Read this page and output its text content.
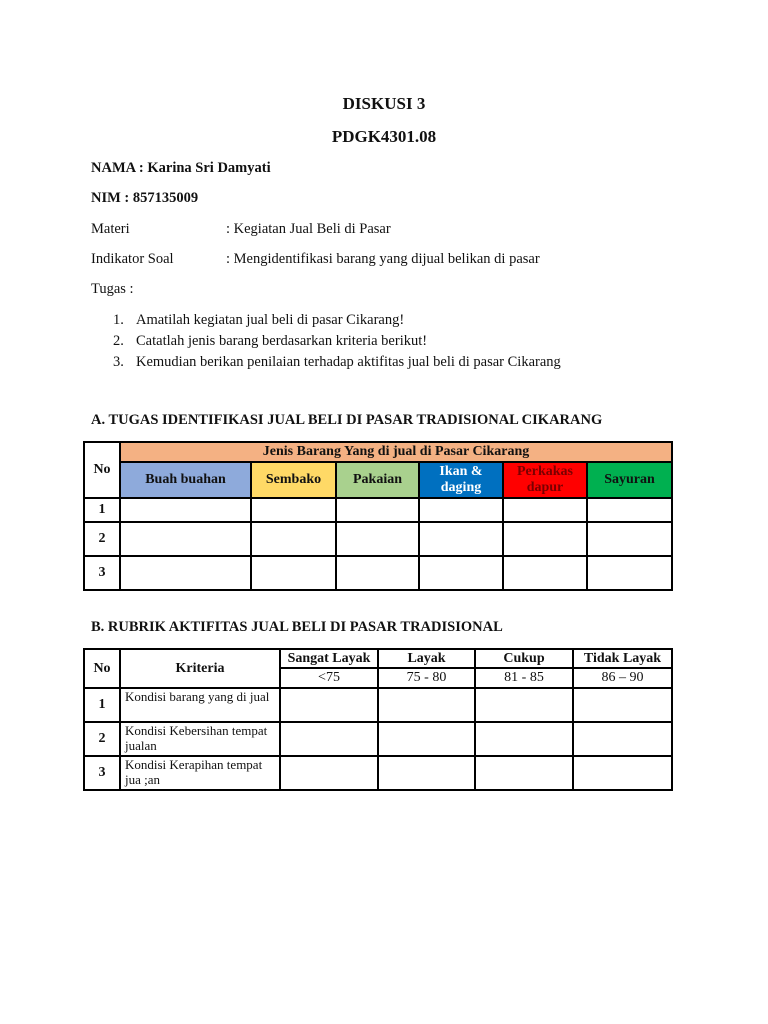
DISKUSI 3
PDGK4301.08
NAMA : Karina Sri Damyati
NIM : 857135009
Materi	: Kegiatan Jual Beli di Pasar
Indikator Soal	: Mengidentifikasi barang yang dijual belikan di pasar
Tugas :
1. Amatilah kegiatan jual beli di pasar Cikarang!
2. Catatlah jenis barang berdasarkan kriteria berikut!
3. Kemudian berikan penilaian terhadap aktifitas jual beli di pasar Cikarang
A. TUGAS IDENTIFIKASI JUAL BELI DI PASAR TRADISIONAL CIKARANG
No	Jenis Barang Yang di jual di Pasar Cikarang					
	Buah buahan	Sembako	Pakaian	Ikan & daging	Perkakas dapur	Sayuran
1						
2						
3						
B. RUBRIK AKTIFITAS JUAL BELI DI PASAR TRADISIONAL
No	Kriteria	Sangat Layak	Layak	Cukup	Tidak Layak
		<75	75 - 80	81 - 85	86 – 90
1	Kondisi barang yang di jual				
2	Kondisi Kebersihan tempat jualan				
3	Kondisi Kerapihan tempat jua ;an				
